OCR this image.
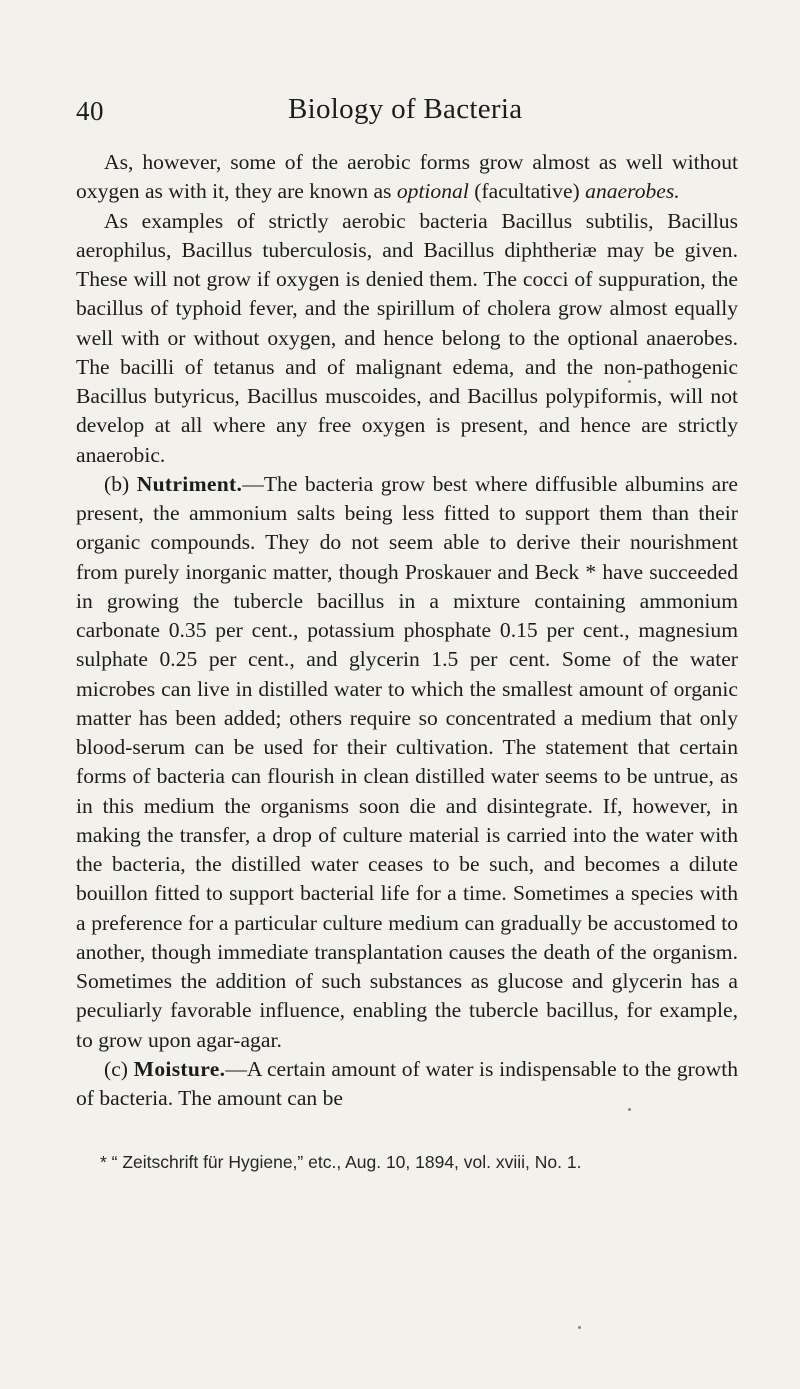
40	Biology of Bacteria

As, however, some of the aerobic forms grow almost as well without oxygen as with it, they are known as optional (facultative) anaerobes.

As examples of strictly aerobic bacteria Bacillus subtilis, Bacillus aerophilus, Bacillus tuberculosis, and Bacillus diphtheriæ may be given. These will not grow if oxygen is denied them. The cocci of suppuration, the bacillus of typhoid fever, and the spirillum of cholera grow almost equally well with or without oxygen, and hence belong to the optional anaerobes. The bacilli of tetanus and of malignant edema, and the non-pathogenic Bacillus butyricus, Bacillus muscoides, and Bacillus polypiformis, will not develop at all where any free oxygen is present, and hence are strictly anaerobic.

(b) Nutriment.—The bacteria grow best where diffusible albumins are present, the ammonium salts being less fitted to support them than their organic compounds. They do not seem able to derive their nourishment from purely inorganic matter, though Proskauer and Beck * have succeeded in growing the tubercle bacillus in a mixture containing ammonium carbonate 0.35 per cent., potassium phosphate 0.15 per cent., magnesium sulphate 0.25 per cent., and glycerin 1.5 per cent. Some of the water microbes can live in distilled water to which the smallest amount of organic matter has been added; others require so concentrated a medium that only blood-serum can be used for their cultivation. The statement that certain forms of bacteria can flourish in clean distilled water seems to be untrue, as in this medium the organisms soon die and disintegrate. If, however, in making the transfer, a drop of culture material is carried into the water with the bacteria, the distilled water ceases to be such, and becomes a dilute bouillon fitted to support bacterial life for a time. Sometimes a species with a preference for a particular culture medium can gradually be accustomed to another, though immediate transplantation causes the death of the organism. Sometimes the addition of such substances as glucose and glycerin has a peculiarly favorable influence, enabling the tubercle bacillus, for example, to grow upon agar-agar.

(c) Moisture.—A certain amount of water is indispensable to the growth of bacteria. The amount can be

* “ Zeitschrift für Hygiene,” etc., Aug. 10, 1894, vol. xviii, No. 1.
